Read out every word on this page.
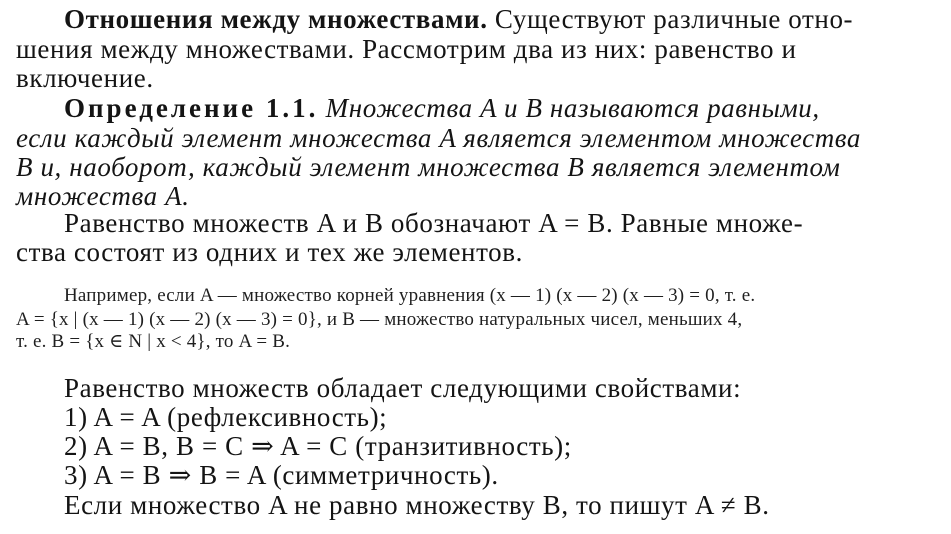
Отношения между множествами. Существуют различные отно-
шения между множествами. Рассмотрим два из них: равенство и
включение.
Определение 1.1. Множества A и B называются равными,
если каждый элемент множества A является элементом множества
B и, наоборот, каждый элемент множества B является элементом
множества A.
Равенство множеств A и B обозначают A = B. Равные множе-
ства состоят из одних и тех же элементов.
Например, если A — множество корней уравнения (x — 1) (x — 2) (x — 3) = 0, т. е.
A = {x | (x — 1) (x — 2) (x — 3) = 0}, и B — множество натуральных чисел, меньших 4,
т. е. B = {x ∈ N | x < 4}, то A = B.
Равенство множеств обладает следующими свойствами:
1) A = A (рефлексивность);
2) A = B, B = C ⇒ A = C (транзитивность);
3) A = B ⇒ B = A (симметричность).
Если множество A не равно множеству B, то пишут A ≠ B.
